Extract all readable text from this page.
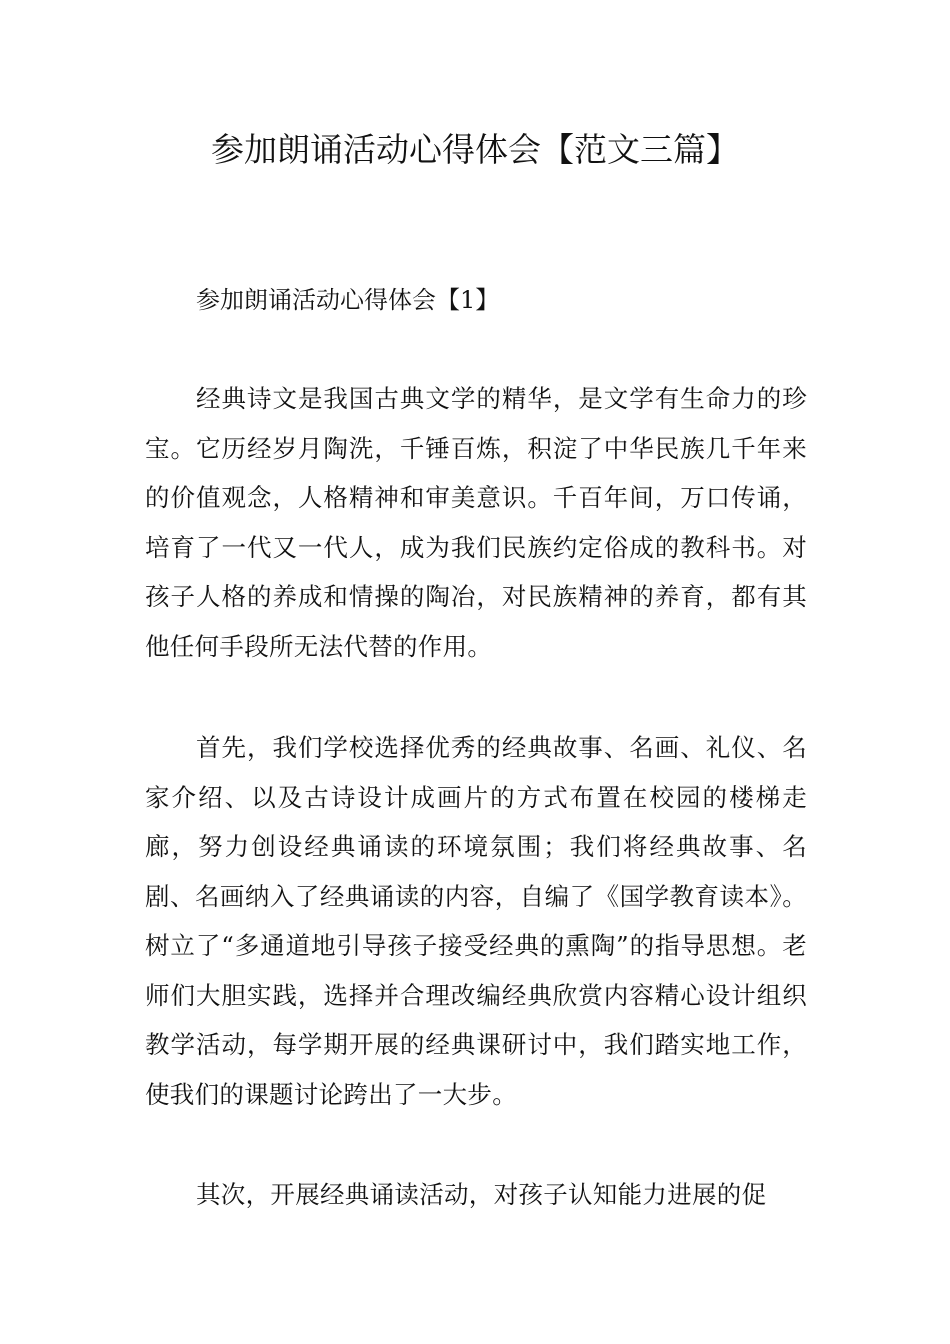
参加朗诵活动心得体会【范文三篇】

参加朗诵活动心得体会【1】

经典诗文是我国古典文学的精华，是文学有生命力的珍宝。它历经岁月陶洗，千锤百炼，积淀了中华民族几千年来的价值观念，人格精神和审美意识。千百年间，万口传诵，培育了一代又一代人，成为我们民族约定俗成的教科书。对孩子人格的养成和情操的陶冶，对民族精神的养育，都有其他任何手段所无法代替的作用。

首先，我们学校选择优秀的经典故事、名画、礼仪、名家介绍、以及古诗设计成画片的方式布置在校园的楼梯走廊，努力创设经典诵读的环境氛围；我们将经典故事、名剧、名画纳入了经典诵读的内容，自编了《国学教育读本》。树立了“多通道地引导孩子接受经典的熏陶”的指导思想。老师们大胆实践，选择并合理改编经典欣赏内容精心设计组织教学活动，每学期开展的经典课研讨中，我们踏实地工作，使我们的课题讨论跨出了一大步。

其次，开展经典诵读活动，对孩子认知能力进展的促
